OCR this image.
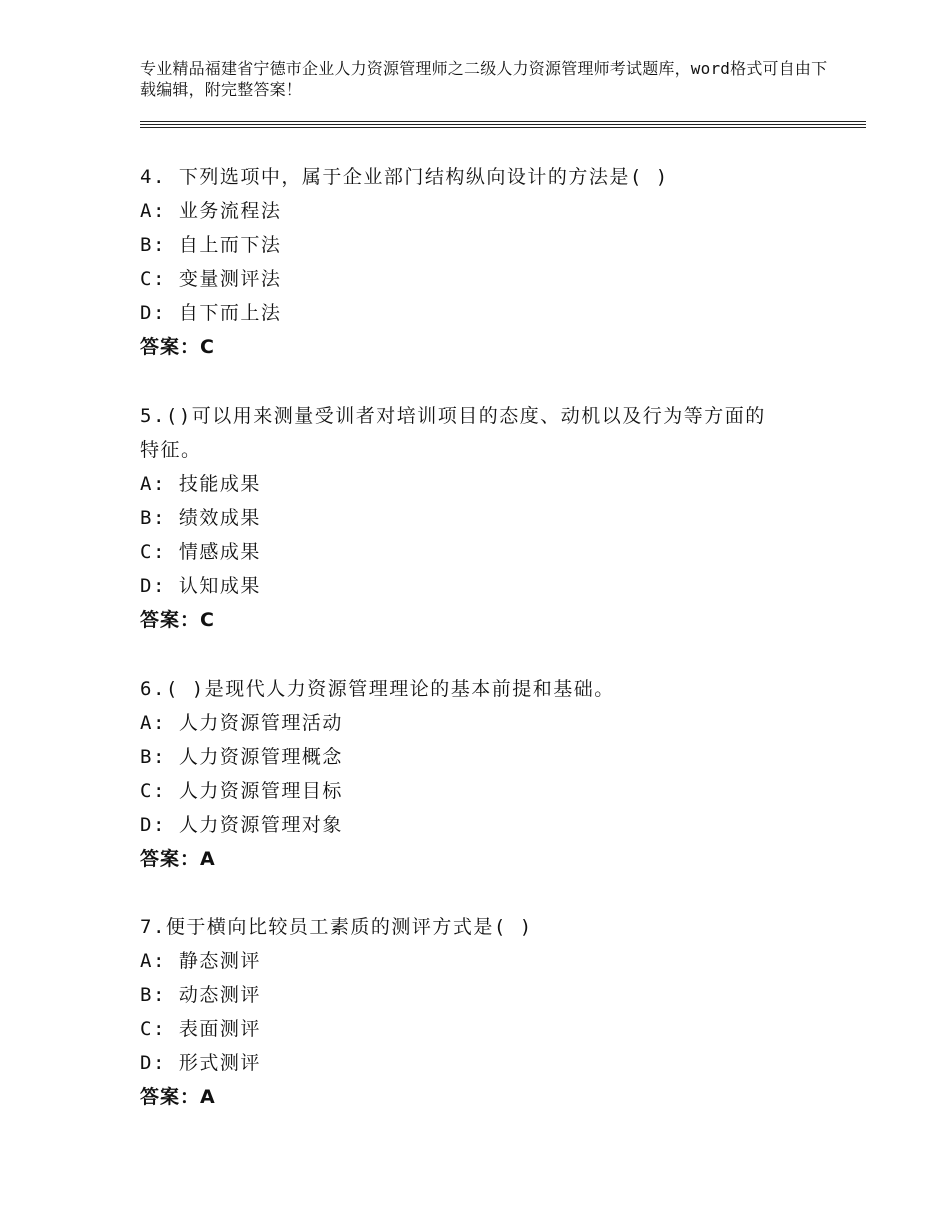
专业精品福建省宁德市企业人力资源管理师之二级人力资源管理师考试题库，word格式可自由下载编辑，附完整答案！
4. 下列选项中，属于企业部门结构纵向设计的方法是( )
A: 业务流程法
B: 自上而下法
C: 变量测评法
D: 自下而上法
答案：C
5.()可以用来测量受训者对培训项目的态度、动机以及行为等方面的
特征。
A: 技能成果
B: 绩效成果
C: 情感成果
D: 认知成果
答案：C
6.( )是现代人力资源管理理论的基本前提和基础。
A: 人力资源管理活动
B: 人力资源管理概念
C: 人力资源管理目标
D: 人力资源管理对象
答案：A
7.便于横向比较员工素质的测评方式是( )
A: 静态测评
B: 动态测评
C: 表面测评
D: 形式测评
答案：A
